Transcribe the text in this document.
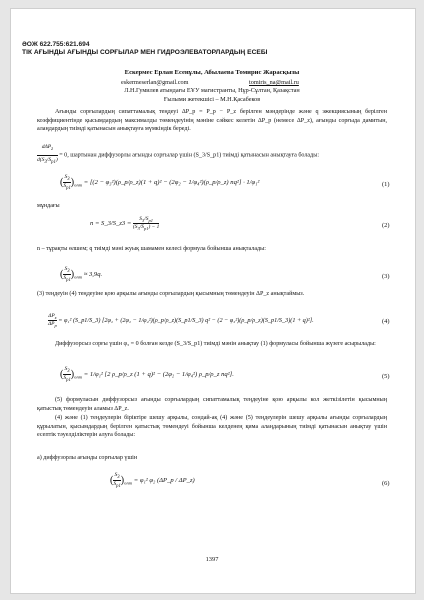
ӘОЖ 622.755:621.694
ТІК АҒЫНДЫ АҒЫНДЫ СОРҒЫЛАР МЕН ГИДРОЭЛЕВАТОРЛАРДЫҢ ЕСЕБІ
Ескермес Ерлан Есенұлы, Абылаева Томирис Жарасқызы
eskermeserlan@gmail.com	tomiris_na@mail.ru
Л.Н.Гумилев атындағы ЕҰУ магистранты, Нұр-Сұлтан, Қазақстан
Ғылыми жетекшісі – М.Н.Қасабеков
Ағынды сорғылардың сипаттамалық теңдеуі ΔP_p = P_p − P_z берілген мәндерінде және q эжекциясының берілген коэффициентінде қысымдардың максималды төмендеуінің мәніне сәйкес келетін ΔP_p (немесе ΔP_z), ағынды сорғыда дамитын, алаңдардың тиімді қатынасын анықтауға мүмкіндік береді.
$\frac{d\Delta P_z}{d(S_3/S_{p1})} = 0$, шартынан диффузорлы ағынды сорғылар үшін (S_3/S_p1) тиімді қатынасын анықтауға болады:
( $\frac{S_3}{S_{p1}} )_{опт} = [(2$ − φ₃²)(ρ_p/ρ_z)(1 + q)² − (2φ₂ − 1/φ₄²)(ρ_p/ρ_z) nq²] · 1/φ₁²	(1)
мұндағы
n = S_3/S_z3 = $\frac{S_3/S_{p1}}{(S_3/S_{p1}) - 1}$	(2)
n – тұрақты өлшем; q тиімді мәні жуық шамамен келесі формула бойынша анықталады:
( $\frac{S_3}{S_{p1}} )_{опт} \approx 3,9q$.	(3)
(3) теңдеуін (4) теңдеуіне қою арқылы ағынды сорғылардың қысымның төмендеуін ΔP_z анықтаймыз.
$\frac{\Delta P_z}{\Delta P_p} = \varphi_1^2$ (S_p1/S_3) [2φ₂ + (2φ₂ − 1/φ₄²)(ρ_p/ρ_z)(S_p1/S_3) q² − (2 − φ₃²)(ρ_p/ρ_z)(S_p1/S_3)(1 + q)²].	(4)
Диффузорсыз сорғы үшін φ₃ = 0 болған кезде (S_3/S_p1) тиімді мәнін анықтау (1) формуласы бойынша жүзеге асырылады:
( $\frac{S_3}{S_{p1}} )_{опт} = 1/\varphi_1^2$ [2 ρ_p/ρ_z (1 + q)² − (2φ₂ − 1/φ₄²) ρ_p/ρ_z nq²].	(5)
(5) формуласын диффузорсыз ағынды сорғылардың сипаттамалық теңдеуіне қою арқылы кол жеткізілетін қысымның қатыстық төмендеуін аламыз ΔP_z.
(4) және (1) теңдеулерін біріктіре шешу арқылы, сондай-ақ (4) және (5) теңдеулерін шешу арқылы ағынды сорғылардың құрылатын, қысымдардың берілген қатыстық төмендеуі бойынша келденең қима алаңдарының тиімді қатынасын анықтау үшін есептік тәуелділіктерін алуға болады:
а) диффузорлы ағынды сорғылар үшін
( $\frac{S_3}{S_{p1}} )_{опт} = \varphi_1^2$ φ₂ (ΔP_p / ΔP_z)	(6)
1397
